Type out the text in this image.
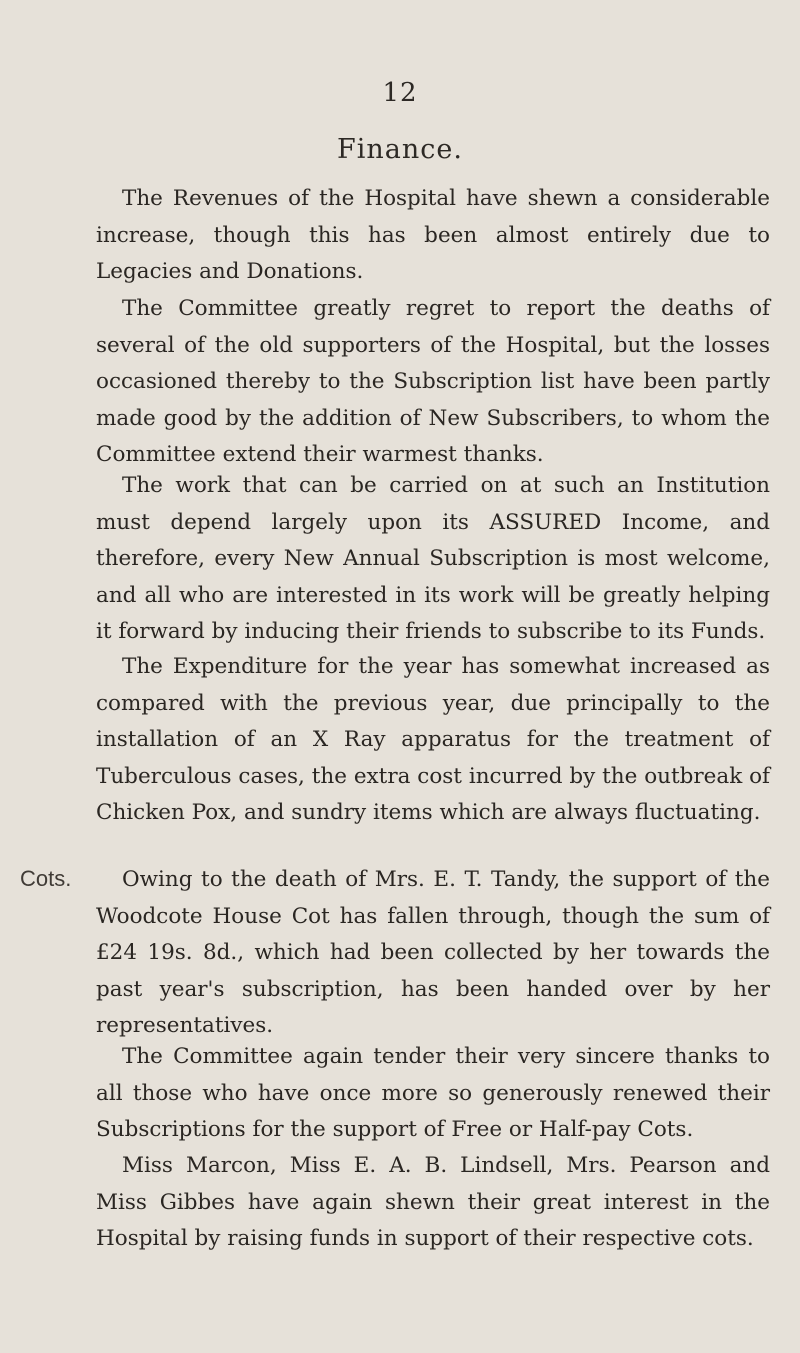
12
Finance.
Cots.

The Revenues of the Hospital have shewn a considerable increase, though this has been almost entirely due to Legacies and Donations.

The Committee greatly regret to report the deaths of several of the old supporters of the Hospital, but the losses occasioned thereby to the Subscription list have been partly made good by the addition of New Subscribers, to whom the Committee extend their warmest thanks.

The work that can be carried on at such an Institution must depend largely upon its ASSURED Income, and therefore, every New Annual Subscription is most welcome, and all who are interested in its work will be greatly helping it forward by inducing their friends to subscribe to its Funds.

The Expenditure for the year has somewhat increased as compared with the previous year, due principally to the installation of an X Ray apparatus for the treatment of Tuberculous cases, the extra cost incurred by the outbreak of Chicken Pox, and sundry items which are always fluctuating.

Owing to the death of Mrs. E. T. Tandy, the support of the Woodcote House Cot has fallen through, though the sum of £24 19s. 8d., which had been collected by her towards the past year's subscription, has been handed over by her representatives.

The Committee again tender their very sincere thanks to all those who have once more so generously renewed their Subscriptions for the support of Free or Half-pay Cots.

Miss Marcon, Miss E. A. B. Lindsell, Mrs. Pearson and Miss Gibbes have again shewn their great interest in the Hospital by raising funds in support of their respective cots.
